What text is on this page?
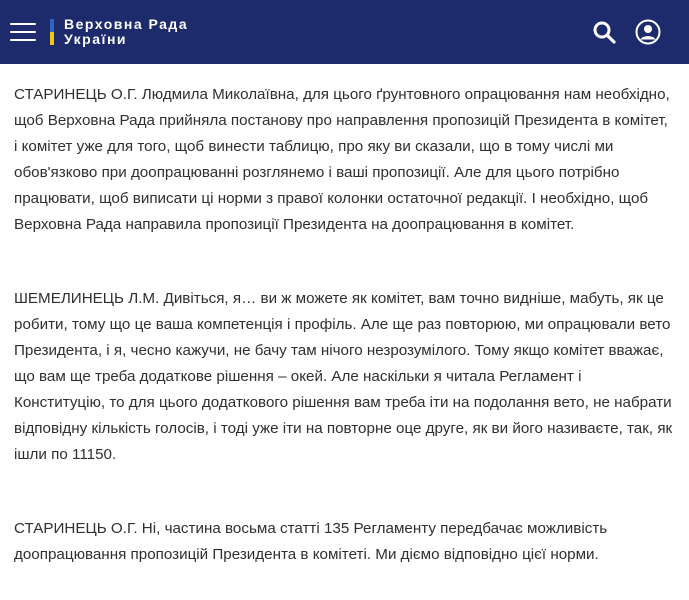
Верховна Рада
України

СТАРИНЕЦЬ О.Г. Людмила Миколаївна, для цього ґрунтовного опрацювання нам необхідно, щоб Верховна Рада прийняла постанову про направлення пропозицій Президента в комітет, і комітет уже для того, щоб винести таблицю, про яку ви сказали, що в тому числі ми обов'язково при доопрацюванні розглянемо і ваші пропозиції. Але для цього потрібно працювати, щоб виписати ці норми з правої колонки остаточної редакції. І необхідно, щоб Верховна Рада направила пропозиції Президента на доопрацювання в комітет.

ШЕМЕЛИНЕЦЬ Л.М. Дивіться, я… ви ж можете як комітет, вам точно видніше, мабуть, як це робити, тому що це ваша компетенція і профіль. Але ще раз повторюю, ми опрацювали вето Президента, і я, чесно кажучи, не бачу там нічого незрозумілого. Тому якщо комітет вважає, що вам ще треба додаткове рішення – окей. Але наскільки я читала Регламент і Конституцію, то для цього додаткового рішення вам треба іти на подолання вето, не набрати відповідну кількість голосів, і тоді уже іти на повторне оце друге, як ви його називаєте, так, як ішли по 11150.

СТАРИНЕЦЬ О.Г. Ні, частина восьма статті 135 Регламенту передбачає можливість доопрацювання пропозицій Президента в комітеті. Ми діємо відповідно цієї норми.
